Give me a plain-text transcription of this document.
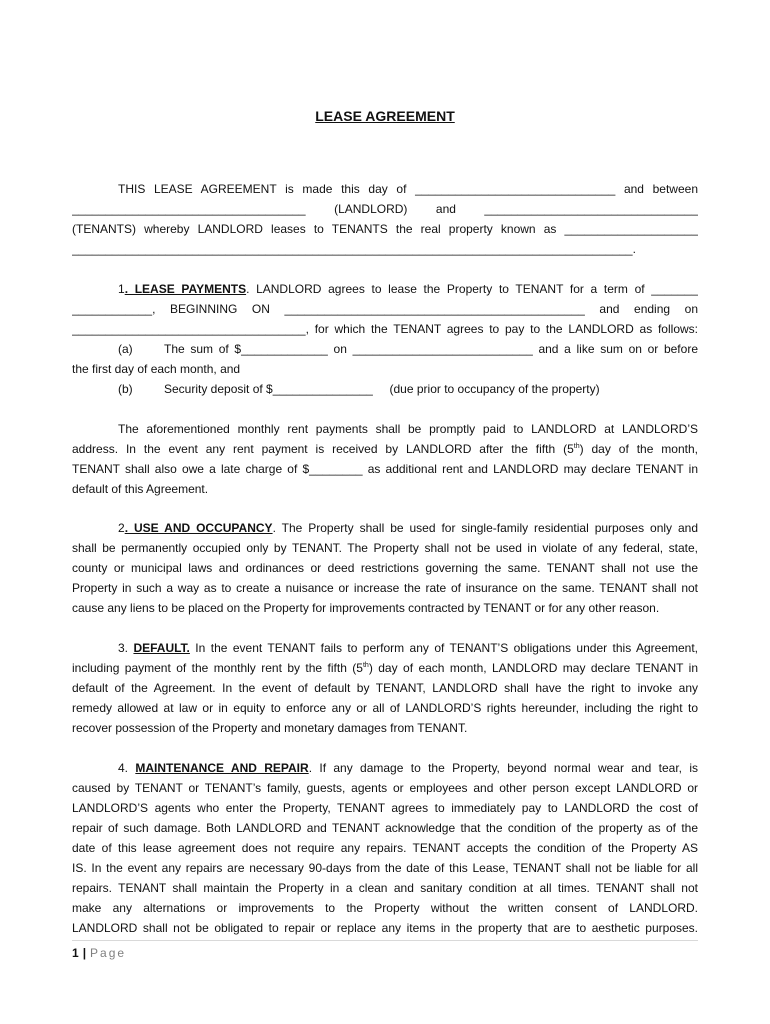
LEASE AGREEMENT
THIS LEASE AGREEMENT is made this day of ______________________________ and between
___________________________________ (LANDLORD) and ________________________________
(TENANTS) whereby LANDLORD leases to TENANTS the real property known as ____________________
____________________________________________________________________________________.
1. LEASE PAYMENTS. LANDLORD agrees to lease the Property to TENANT for a term of _______
____________, BEGINNING ON _____________________________________________ and ending on
___________________________________, for which the TENANT agrees to pay to the LANDLORD as follows:
(a)	The sum of $_____________ on ___________________________ and a like sum on or before
the first day of each month, and
(b)	Security deposit of $_______________     (due prior to occupancy of the property)
The aforementioned monthly rent payments shall be promptly paid to LANDLORD at LANDLORD’S
address. In the event any rent payment is received by LANDLORD after the fifth (5th) day of the month,
TENANT shall also owe a late charge of $________ as additional rent and LANDLORD may declare TENANT in
default of this Agreement.
2. USE AND OCCUPANCY. The Property shall be used for single-family residential purposes only and
shall be permanently occupied only by TENANT. The Property shall not be used in violate of any federal, state,
county or municipal laws and ordinances or deed restrictions governing the same. TENANT shall not use the
Property in such a way as to create a nuisance or increase the rate of insurance on the same. TENANT shall not
cause any liens to be placed on the Property for improvements contracted by TENANT or for any other reason.
3. DEFAULT. In the event TENANT fails to perform any of TENANT’S obligations under this Agreement,
including payment of the monthly rent by the fifth (5th) day of each month, LANDLORD may declare TENANT in
default of the Agreement. In the event of default by TENANT, LANDLORD shall have the right to invoke any
remedy allowed at law or in equity to enforce any or all of LANDLORD’S rights hereunder, including the right to
recover possession of the Property and monetary damages from TENANT.
4. MAINTENANCE AND REPAIR. If any damage to the Property, beyond normal wear and tear, is
caused by TENANT or TENANT’s family, guests, agents or employees and other person except LANDLORD or
LANDLORD’S agents who enter the Property, TENANT agrees to immediately pay to LANDLORD the cost of
repair of such damage. Both LANDLORD and TENANT acknowledge that the condition of the property as of the
date of this lease agreement does not require any repairs. TENANT accepts the condition of the Property AS
IS. In the event any repairs are necessary 90-days from the date of this Lease, TENANT shall not be liable for all
repairs. TENANT shall maintain the Property in a clean and sanitary condition at all times. TENANT shall not
make any alternations or improvements to the Property without the written consent of LANDLORD.
LANDLORD shall not be obligated to repair or replace any items in the property that are to aesthetic purposes.
1 | Page
